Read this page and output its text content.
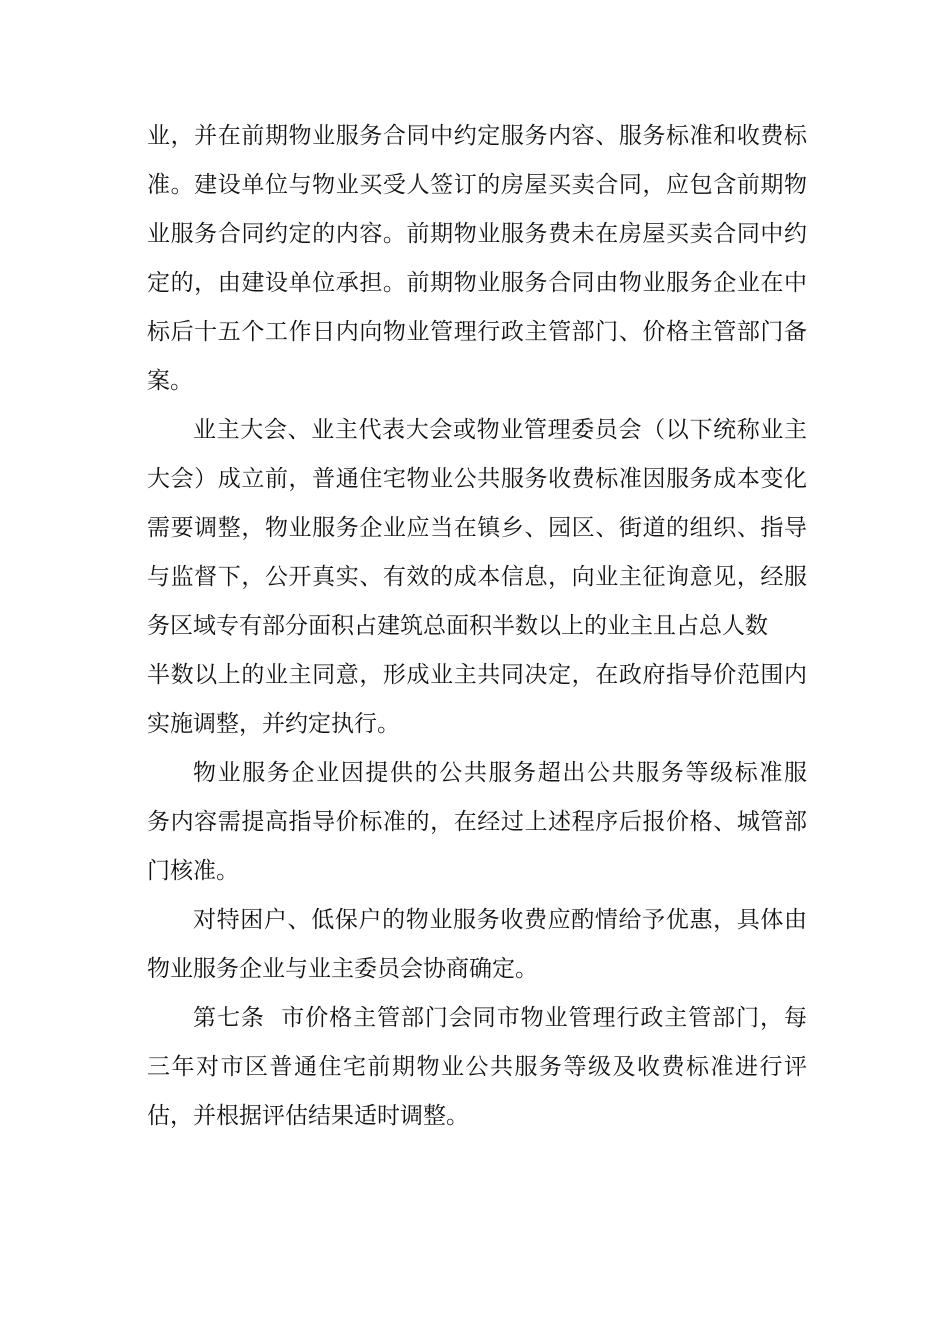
业，并在前期物业服务合同中约定服务内容、服务标准和收费标
准。建设单位与物业买受人签订的房屋买卖合同，应包含前期物
业服务合同约定的内容。前期物业服务费未在房屋买卖合同中约
定的，由建设单位承担。前期物业服务合同由物业服务企业在中
标后十五个工作日内向物业管理行政主管部门、价格主管部门备
案。
业主大会、业主代表大会或物业管理委员会（以下统称业主
大会）成立前，普通住宅物业公共服务收费标准因服务成本变化
需要调整，物业服务企业应当在镇乡、园区、街道的组织、指导
与监督下，公开真实、有效的成本信息，向业主征询意见，经服
务区域专有部分面积占建筑总面积半数以上的业主且占总人数
半数以上的业主同意，形成业主共同决定，在政府指导价范围内
实施调整，并约定执行。
物业服务企业因提供的公共服务超出公共服务等级标准服
务内容需提高指导价标准的，在经过上述程序后报价格、城管部
门核准。
对特困户、低保户的物业服务收费应酌情给予优惠，具体由
物业服务企业与业主委员会协商确定。
第七条  市价格主管部门会同市物业管理行政主管部门，每
三年对市区普通住宅前期物业公共服务等级及收费标准进行评
估，并根据评估结果适时调整。
